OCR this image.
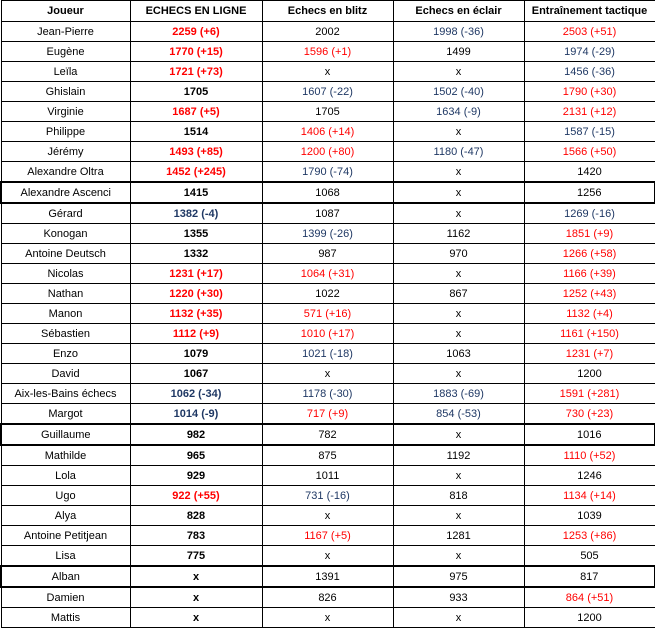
Joueur	ECHECS EN LIGNE	Echecs en blitz	Echecs en éclair	Entraînement tactique
Jean-Pierre	2259 (+6)	2002	1998 (-36)	2503 (+51)
Eugène	1770 (+15)	1596 (+1)	1499	1974 (-29)
Leïla	1721 (+73)	x	x	1456 (-36)
Ghislain	1705	1607 (-22)	1502 (-40)	1790 (+30)
Virginie	1687 (+5)	1705	1634 (-9)	2131 (+12)
Philippe	1514	1406 (+14)	x	1587 (-15)
Jérémy	1493 (+85)	1200 (+80)	1180 (-47)	1566 (+50)
Alexandre Oltra	1452 (+245)	1790 (-74)	x	1420
Alexandre Ascenci	1415	1068	x	1256
Gérard	1382 (-4)	1087	x	1269 (-16)
Konogan	1355	1399 (-26)	1162	1851 (+9)
Antoine Deutsch	1332	987	970	1266 (+58)
Nicolas	1231 (+17)	1064 (+31)	x	1166 (+39)
Nathan	1220 (+30)	1022	867	1252 (+43)
Manon	1132 (+35)	571 (+16)	x	1132 (+4)
Sébastien	1112 (+9)	1010 (+17)	x	1161 (+150)
Enzo	1079	1021 (-18)	1063	1231 (+7)
David	1067	x	x	1200
Aix-les-Bains échecs	1062 (-34)	1178 (-30)	1883 (-69)	1591 (+281)
Margot	1014 (-9)	717 (+9)	854 (-53)	730 (+23)
Guillaume	982	782	x	1016
Mathilde	965	875	1192	1110 (+52)
Lola	929	1011	x	1246
Ugo	922 (+55)	731 (-16)	818	1134 (+14)
Alya	828	x	x	1039
Antoine Petitjean	783	1167 (+5)	1281	1253 (+86)
Lisa	775	x	x	505
Alban	x	1391	975	817
Damien	x	826	933	864 (+51)
Mattis	x	x	x	1200
